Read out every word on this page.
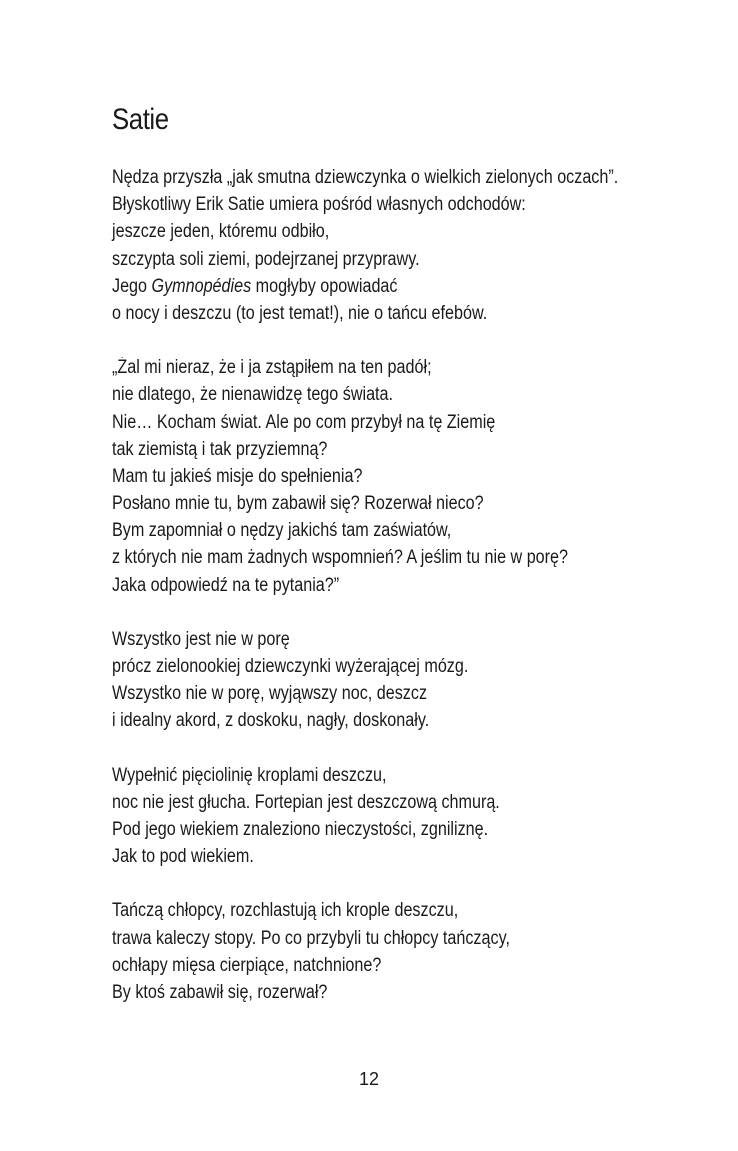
Satie
Nędza przyszła „jak smutna dziewczynka o wielkich zielonych oczach”.
Błyskotliwy Erik Satie umiera pośród własnych odchodów:
jeszcze jeden, któremu odbiło,
szczypta soli ziemi, podejrzanej przyprawy.
Jego Gymnopédies mogłyby opowiadać
o nocy i deszczu (to jest temat!), nie o tańcu efebów.
„Żal mi nieraz, że i ja zstąpiłem na ten padół;
nie dlatego, że nienawidzę tego świata.
Nie… Kocham świat. Ale po com przybył na tę Ziemię
tak ziemistą i tak przyziemną?
Mam tu jakieś misje do spełnienia?
Posłano mnie tu, bym zabawił się? Rozerwał nieco?
Bym zapomniał o nędzy jakichś tam zaświatów,
z których nie mam żadnych wspomnień? A jeślim tu nie w porę?
Jaka odpowiedź na te pytania?”
Wszystko jest nie w porę
prócz zielonookiej dziewczynki wyżerającej mózg.
Wszystko nie w porę, wyjąwszy noc, deszcz
i idealny akord, z doskoku, nagły, doskonały.
Wypełnić pięciolinię kroplami deszczu,
noc nie jest głucha. Fortepian jest deszczową chmurą.
Pod jego wiekiem znaleziono nieczystości, zgniliznę.
Jak to pod wiekiem.
Tańczą chłopcy, rozchlastują ich krople deszczu,
trawa kaleczy stopy. Po co przybyli tu chłopcy tańczący,
ochłapy mięsa cierpiące, natchnione?
By ktoś zabawił się, rozerwał?
12
